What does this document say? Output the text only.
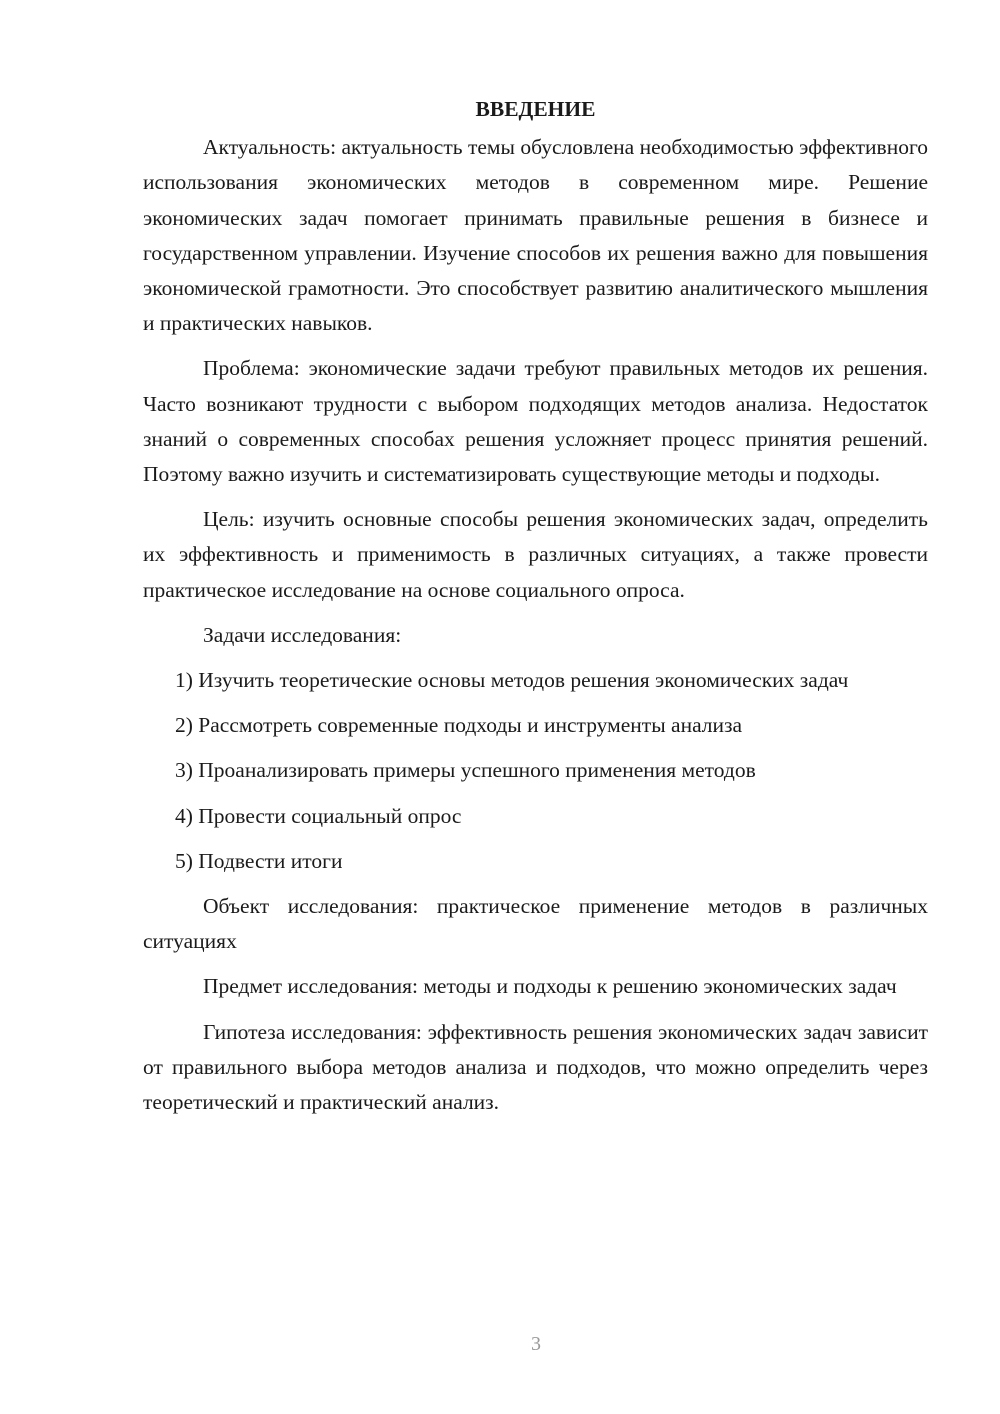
ВВЕДЕНИЕ

Актуальность: актуальность темы обусловлена необходимостью эффективного использования экономических методов в современном мире. Решение экономических задач помогает принимать правильные решения в бизнесе и государственном управлении. Изучение способов их решения важно для повышения экономической грамотности. Это способствует развитию аналитического мышления и практических навыков.

Проблема: экономические задачи требуют правильных методов их решения. Часто возникают трудности с выбором подходящих методов анализа. Недостаток знаний о современных способах решения усложняет процесс принятия решений. Поэтому важно изучить и систематизировать существующие методы и подходы.

Цель: изучить основные способы решения экономических задач, определить их эффективность и применимость в различных ситуациях, а также провести практическое исследование на основе социального опроса.

Задачи исследования:

1) Изучить теоретические основы методов решения экономических задач

2) Рассмотреть современные подходы и инструменты анализа

3) Проанализировать примеры успешного применения методов

4) Провести социальный опрос

5) Подвести итоги

Объект исследования: практическое применение методов в различных ситуациях

Предмет исследования: методы и подходы к решению экономических задач

Гипотеза исследования: эффективность решения экономических задач зависит от правильного выбора методов анализа и подходов, что можно определить через теоретический и практический анализ.

3
